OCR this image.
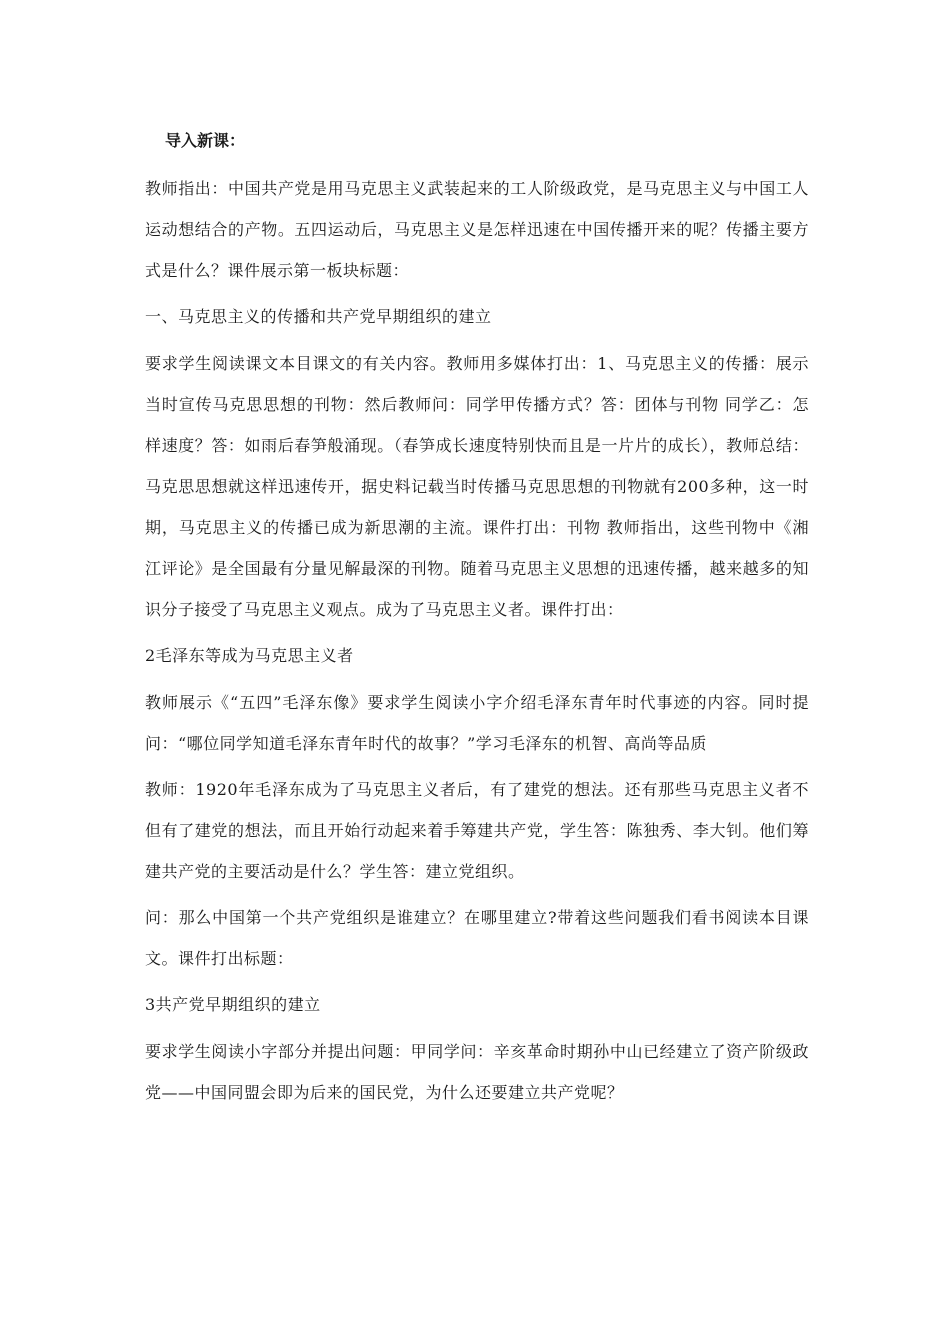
导入新课：

教师指出：中国共产党是用马克思主义武装起来的工人阶级政党，是马克思主义与中国工人运动想结合的产物。五四运动后，马克思主义是怎样迅速在中国传播开来的呢？传播主要方式是什么？课件展示第一板块标题：

一、马克思主义的传播和共产党早期组织的建立

要求学生阅读课文本目课文的有关内容。教师用多媒体打出：1、马克思主义的传播：展示当时宣传马克思思想的刊物：然后教师问：同学甲传播方式？答：团体与刊物 同学乙：怎样速度？答：如雨后春笋般涌现。（春笋成长速度特别快而且是一片片的成长），教师总结：马克思思想就这样迅速传开，据史料记载当时传播马克思思想的刊物就有200多种，这一时期，马克思主义的传播已成为新思潮的主流。课件打出：刊物 教师指出，这些刊物中《湘江评论》是全国最有分量见解最深的刊物。随着马克思主义思想的迅速传播，越来越多的知识分子接受了马克思主义观点。成为了马克思主义者。课件打出：

2毛泽东等成为马克思主义者

教师展示《“五四”毛泽东像》要求学生阅读小字介绍毛泽东青年时代事迹的内容。同时提问：“哪位同学知道毛泽东青年时代的故事？”学习毛泽东的机智、高尚等品质

教师：1920年毛泽东成为了马克思主义者后，有了建党的想法。还有那些马克思主义者不但有了建党的想法，而且开始行动起来着手筹建共产党，学生答：陈独秀、李大钊。他们筹建共产党的主要活动是什么？学生答：建立党组织。

问：那么中国第一个共产党组织是谁建立？在哪里建立?带着这些问题我们看书阅读本目课文。课件打出标题：

3共产党早期组织的建立

要求学生阅读小字部分并提出问题：甲同学问：辛亥革命时期孙中山已经建立了资产阶级政党——中国同盟会即为后来的国民党，为什么还要建立共产党呢？
